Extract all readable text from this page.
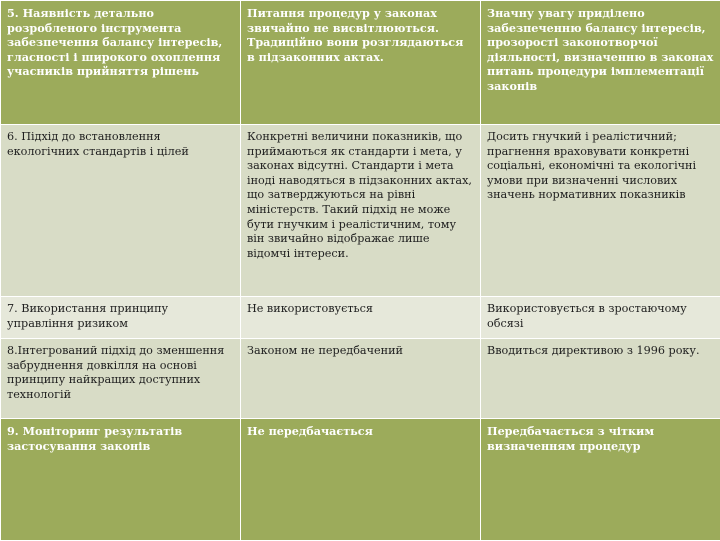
5. Наявність детально розробленого інструмента забезпечення балансу інтересів, гласності і широкого охоплення учасників прийняття рішень	Питання процедур у законах звичайно не висвітлюються. Традиційно вони розглядаються в підзаконних актах.	Значну увагу приділено забезпеченню балансу інтересів, прозорості законотворчої діяльності, визначенню в законах питань процедури імплементації законів
6. Підхід до встановлення екологічних стандартів і цілей	Конкретні величини показників, що приймаються як стандарти і мета, у законах відсутні. Стандарти і мета іноді наводяться в підзаконних актах, що затверджуються на рівні міністерств. Такий підхід не може бути гнучким і реалістичним, тому він звичайно відображає лише відомчі інтереси.	Досить гнучкий і реалістичний; прагнення враховувати конкретні соціальні, економічні та екологічні умови при визначенні числових значень нормативних показників
7. Використання принципу управління ризиком	Не використовується	Використовується в зростаючому обсязі
8.Інтегрований підхід до зменшення забруднення довкілля на основі принципу найкращих доступних технологій	Законом не передбачений	Вводиться директивою з 1996 року.
9. Моніторинг результатів застосування законів	Не передбачається	Передбачається з чітким визначенням процедур
